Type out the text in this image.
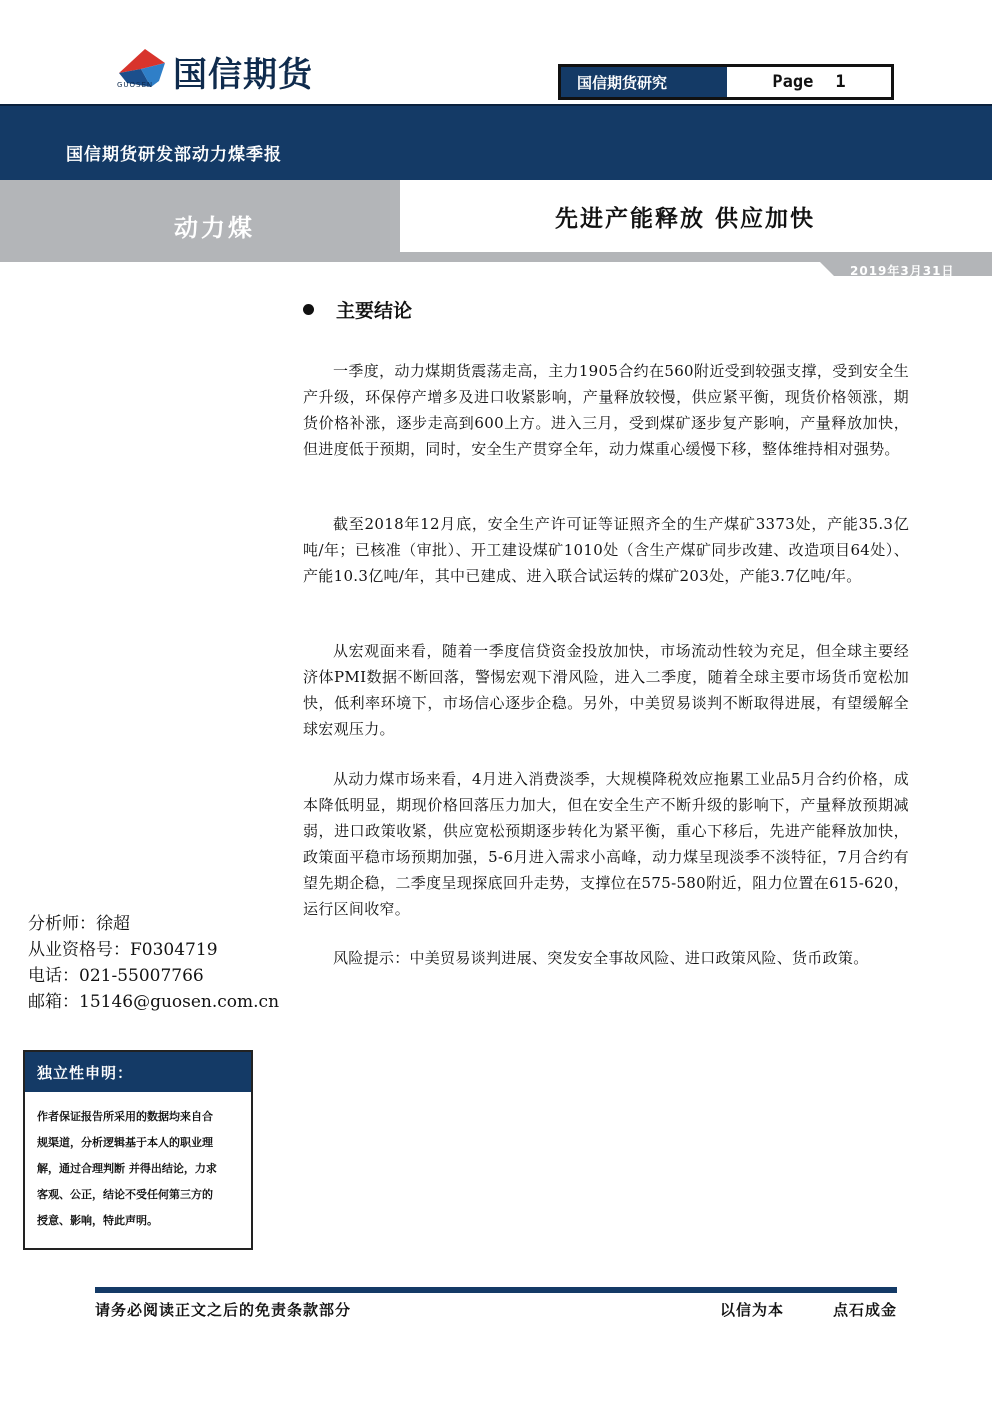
国信期货
GUOSEN	国信期货研究	Page 1
国信期货研发部动力煤季报
动力煤	先进产能释放 供应加快
2019年3月31日
主要结论
一季度，动力煤期货震荡走高，主力1905合约在560附近受到较强支撑，受到安全生产升级，环保停产增多及进口收紧影响，产量释放较慢，供应紧平衡，现货价格领涨，期货价格补涨，逐步走高到600上方。进入三月，受到煤矿逐步复产影响，产量释放加快，但进度低于预期，同时，安全生产贯穿全年，动力煤重心缓慢下移，整体维持相对强势。
截至2018年12月底，安全生产许可证等证照齐全的生产煤矿3373处，产能35.3亿吨/年；已核准（审批）、开工建设煤矿1010处（含生产煤矿同步改建、改造项目64处）、产能10.3亿吨/年，其中已建成、进入联合试运转的煤矿203处，产能3.7亿吨/年。
从宏观面来看，随着一季度信贷资金投放加快，市场流动性较为充足，但全球主要经济体PMI数据不断回落，警惕宏观下滑风险，进入二季度，随着全球主要市场货币宽松加快，低利率环境下，市场信心逐步企稳。另外，中美贸易谈判不断取得进展，有望缓解全球宏观压力。
从动力煤市场来看，4月进入消费淡季，大规模降税效应拖累工业品5月合约价格，成本降低明显，期现价格回落压力加大，但在安全生产不断升级的影响下，产量释放预期减弱，进口政策收紧，供应宽松预期逐步转化为紧平衡，重心下移后，先进产能释放加快，政策面平稳市场预期加强，5-6月进入需求小高峰，动力煤呈现淡季不淡特征，7月合约有望先期企稳，二季度呈现探底回升走势，支撑位在575-580附近，阻力位置在615-620，运行区间收窄。
风险提示：中美贸易谈判进展、突发安全事故风险、进口政策风险、货币政策。
分析师：徐超
从业资格号：F0304719
电话：021-55007766
邮箱：15146@guosen.com.cn
独立性申明：
作者保证报告所采用的数据均来自合
规渠道，分析逻辑基于本人的职业理
解，通过合理判断 并得出结论，力求
客观、公正，结论不受任何第三方的
授意、影响，特此声明。
请务必阅读正文之后的免责条款部分	以信为本	点石成金
